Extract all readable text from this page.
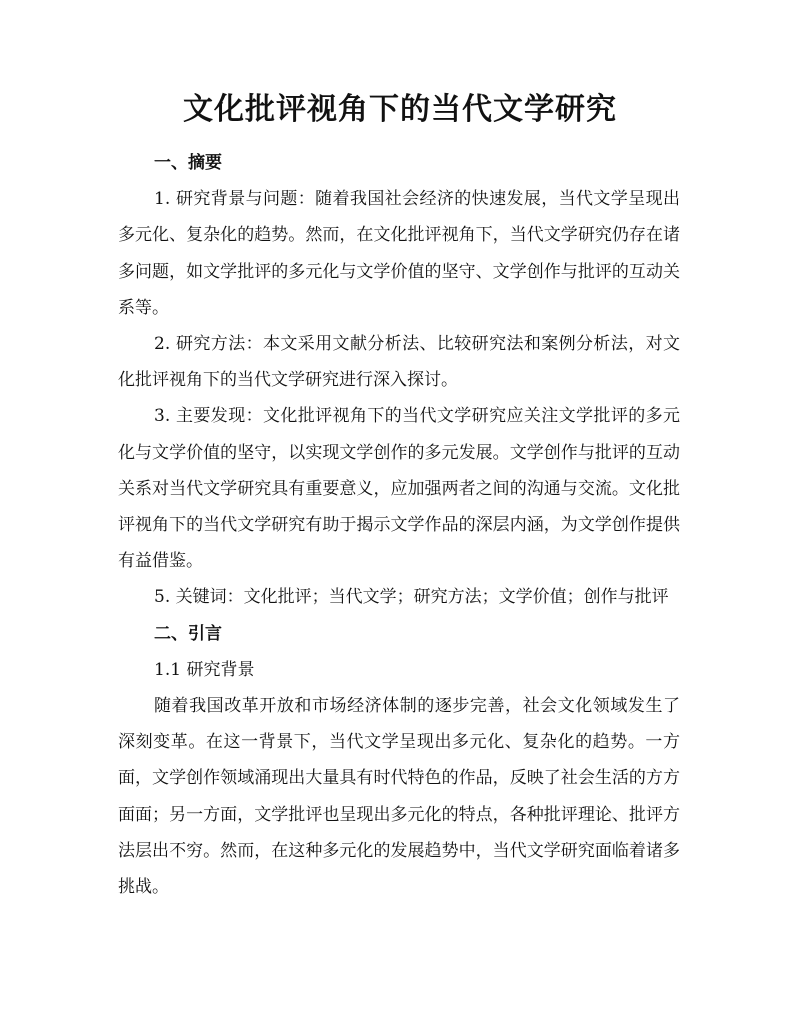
文化批评视角下的当代文学研究

一、摘要

1. 研究背景与问题：随着我国社会经济的快速发展，当代文学呈现出多元化、复杂化的趋势。然而，在文化批评视角下，当代文学研究仍存在诸多问题，如文学批评的多元化与文学价值的坚守、文学创作与批评的互动关系等。

2. 研究方法：本文采用文献分析法、比较研究法和案例分析法，对文化批评视角下的当代文学研究进行深入探讨。

3. 主要发现：文化批评视角下的当代文学研究应关注文学批评的多元化与文学价值的坚守，以实现文学创作的多元发展。文学创作与批评的互动关系对当代文学研究具有重要意义，应加强两者之间的沟通与交流。文化批评视角下的当代文学研究有助于揭示文学作品的深层内涵，为文学创作提供有益借鉴。

5. 关键词：文化批评；当代文学；研究方法；文学价值；创作与批评

二、引言

1.1 研究背景

随着我国改革开放和市场经济体制的逐步完善，社会文化领域发生了深刻变革。在这一背景下，当代文学呈现出多元化、复杂化的趋势。一方面，文学创作领域涌现出大量具有时代特色的作品，反映了社会生活的方方面面；另一方面，文学批评也呈现出多元化的特点，各种批评理论、批评方法层出不穷。然而，在这种多元化的发展趋势中，当代文学研究面临着诸多挑战。
